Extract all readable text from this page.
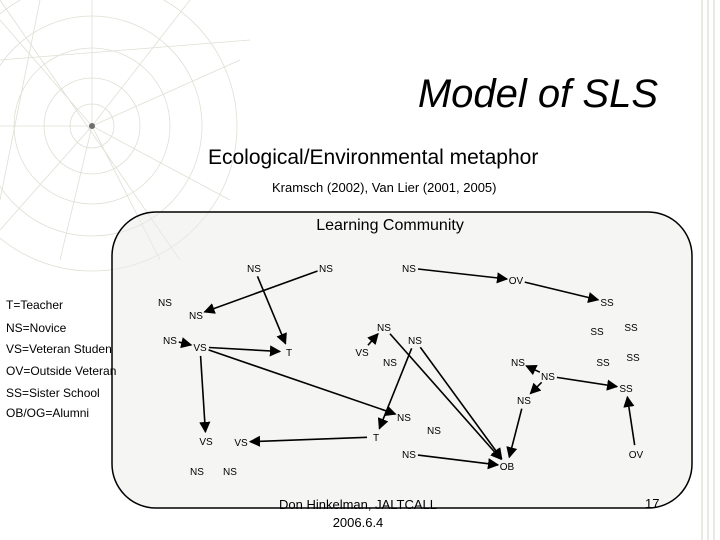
Model of SLS
Ecological/Environmental metaphor
Kramsch (2002), Van Lier (2001, 2005)
Learning Community
NS	NS	NS
OV
NS
NS
NS
VS	T
NS
VS
NS
NS	NS
NS
NS
SS
SS SS
SS SS
SS
NS
T
NS
NS
VS VS
NS NS	OB
OV
T=Teacher
NS=Novice
VS=Veteran Studen
OV=Outside Veteran
SS=Sister School
OB/OG=Alumni
Don Hinkelman, JALTCALL
2006.6.4
17
